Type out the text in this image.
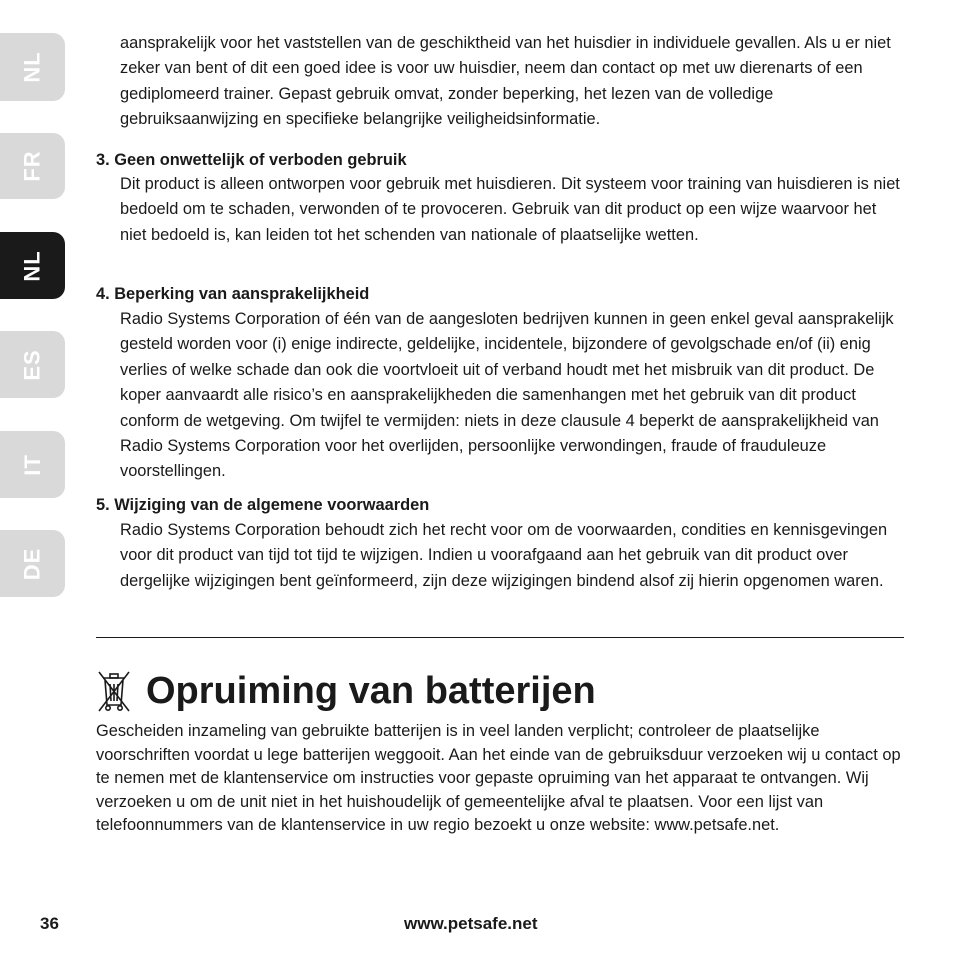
NL
FR
NL
ES
IT
DE

aansprakelijk voor het vaststellen van de geschiktheid van het huisdier in individuele gevallen. Als u er niet zeker van bent of dit een goed idee is voor uw huisdier, neem dan contact op met uw dierenarts of een gediplomeerd trainer. Gepast gebruik omvat, zonder beperking, het lezen van de volledige gebruiksaanwijzing en specifieke belangrijke veiligheidsinformatie.

3. Geen onwettelijk of verboden gebruik

Dit product is alleen ontworpen voor gebruik met huisdieren. Dit systeem voor training van huisdieren is niet bedoeld om te schaden, verwonden of te provoceren. Gebruik van dit product op een wijze waarvoor het niet bedoeld is, kan leiden tot het schenden van nationale of plaatselijke wetten.

4. Beperking van aansprakelijkheid

Radio Systems Corporation of één van de aangesloten bedrijven kunnen in geen enkel geval aansprakelijk gesteld worden voor (i) enige indirecte, geldelijke, incidentele, bijzondere of gevolgschade en/of (ii) enig verlies of welke schade dan ook die voortvloeit uit of verband houdt met het misbruik van dit product. De koper aanvaardt alle risico’s en aansprakelijkheden die samenhangen met het gebruik van dit product conform de wetgeving. Om twijfel te vermijden: niets in deze clausule 4 beperkt de aansprakelijkheid van Radio Systems Corporation voor het overlijden, persoonlijke verwondingen, fraude of frauduleuze voorstellingen.

5. Wijziging van de algemene voorwaarden

Radio Systems Corporation behoudt zich het recht voor om de voorwaarden, condities en kennisgevingen voor dit product van tijd tot tijd te wijzigen. Indien u voorafgaand aan het gebruik van dit product over dergelijke wijzigingen bent geïnformeerd, zijn deze wijzigingen bindend alsof zij hierin opgenomen waren.

Opruiming van batterijen

Gescheiden inzameling van gebruikte batterijen is in veel landen verplicht; controleer de plaatselijke voorschriften voordat u lege batterijen weggooit. Aan het einde van de gebruiksduur verzoeken wij u contact op te nemen met de klantenservice om instructies voor gepaste opruiming van het apparaat te ontvangen. Wij verzoeken u om de unit niet in het huishoudelijk of gemeentelijke afval te plaatsen. Voor een lijst van telefoonnummers van de klantenservice in uw regio bezoekt u onze website: www.petsafe.net.

36	www.petsafe.net
